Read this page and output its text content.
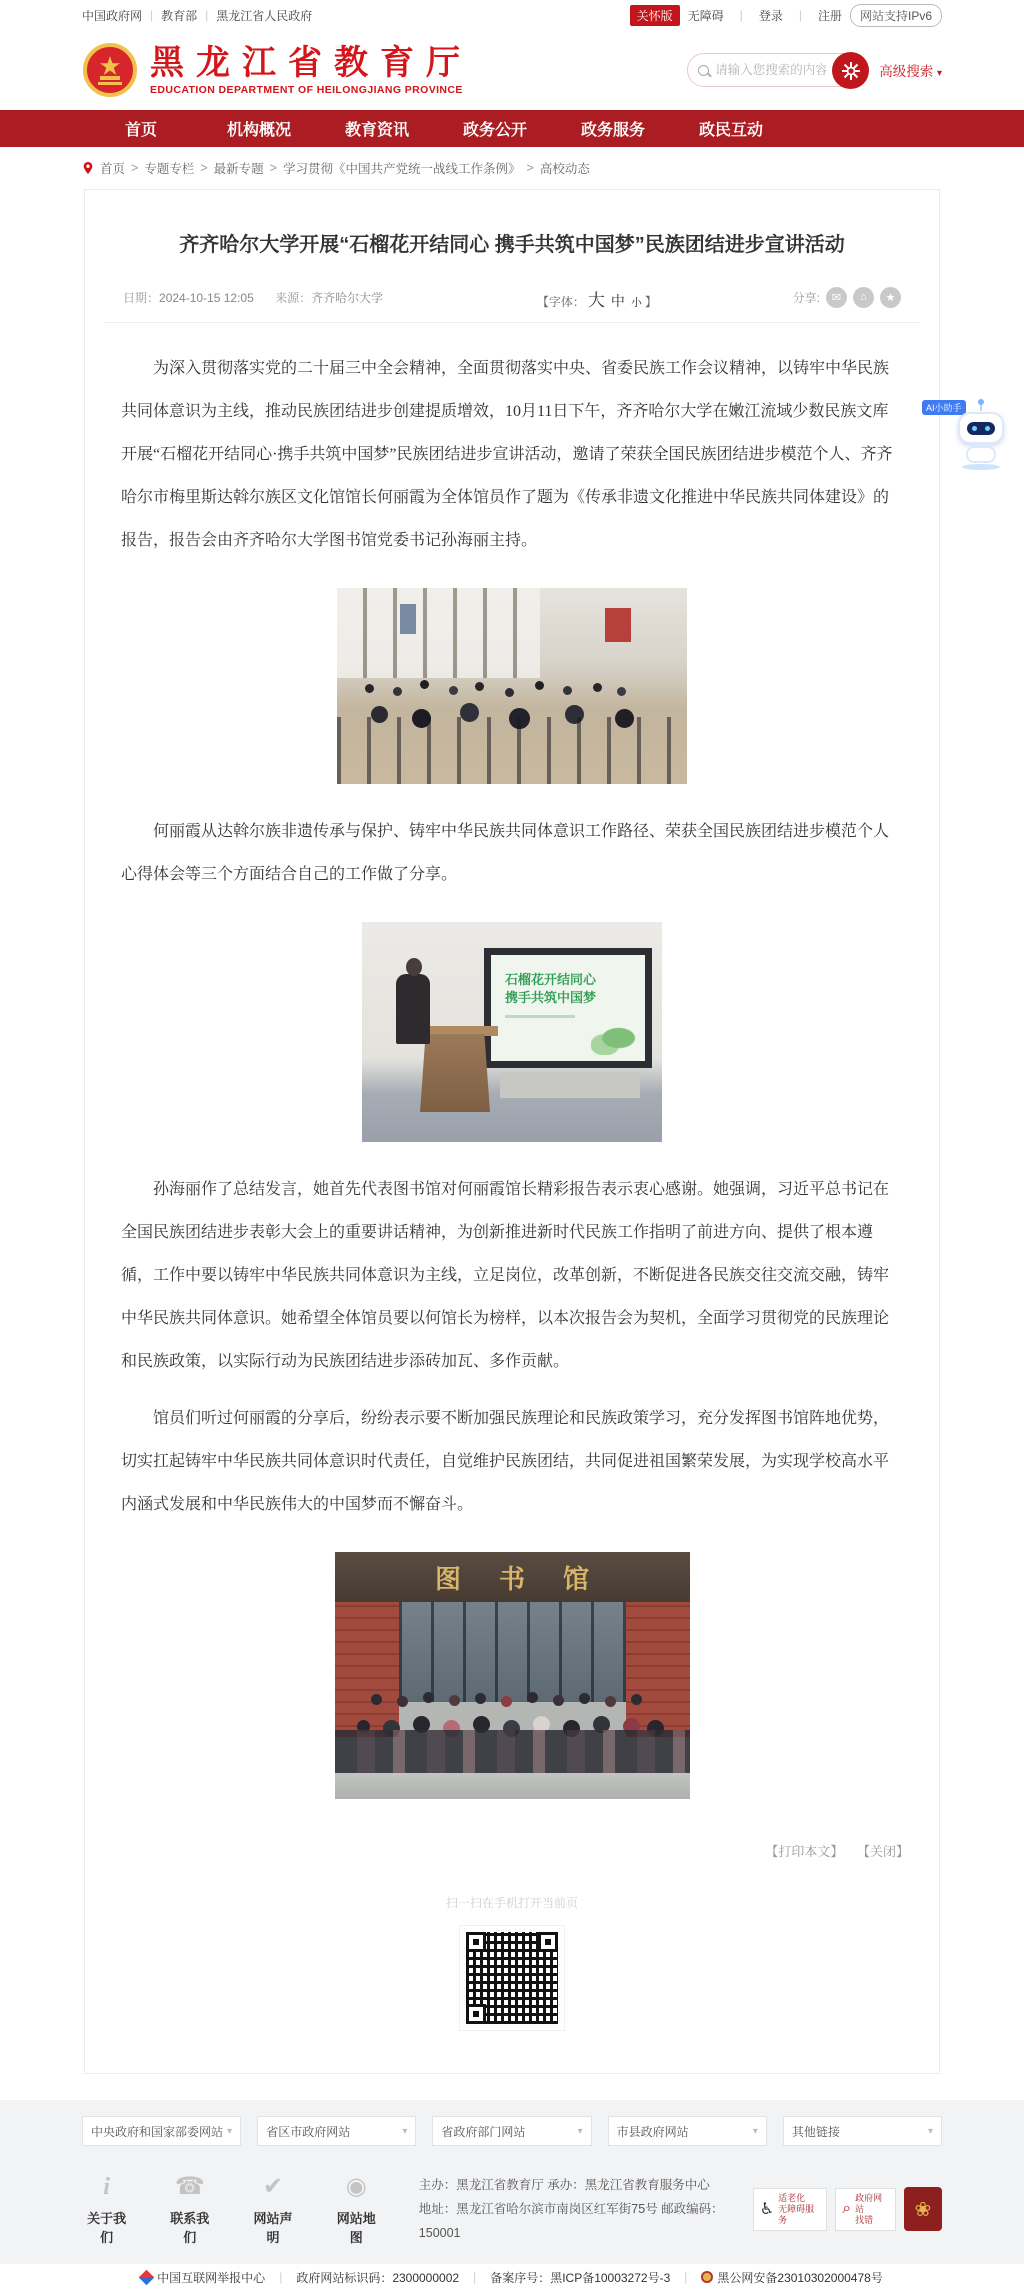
中国政府网 | 教育部 | 黑龙江省人民政府	关怀版	无障碍 | 登录 | 注册	网站支持IPv6
黑龙江省教育厅
EDUCATION DEPARTMENT OF HEILONGJIANG PROVINCE
请输入您搜索的内容
高级搜索 ▾
首页	机构概况	教育资讯	政务公开	政务服务	政民互动
首页 > 专题专栏 > 最新专题 > 学习贯彻《中国共产党统一战线工作条例》 > 高校动态
齐齐哈尔大学开展“石榴花开结同心 携手共筑中国梦”民族团结进步宣讲活动
日期：2024-10-15 12:05 来源：齐齐哈尔大学	【字体： 大 中 小 】	分享:	✉	⌂	★

为深入贯彻落实党的二十届三中全会精神，全面贯彻落实中央、省委民族工作会议精神，以铸牢中华民族共同体意识为主线，推动民族团结进步创建提质增效，10月11日下午，齐齐哈尔大学在嫩江流域少数民族文库开展“石榴花开结同心·携手共筑中国梦”民族团结进步宣讲活动，邀请了荣获全国民族团结进步模范个人、齐齐哈尔市梅里斯达斡尔族区文化馆馆长何丽霞为全体馆员作了题为《传承非遗文化推进中华民族共同体建设》的报告，报告会由齐齐哈尔大学图书馆党委书记孙海丽主持。

何丽霞从达斡尔族非遗传承与保护、铸牢中华民族共同体意识工作路径、荣获全国民族团结进步模范个人心得体会等三个方面结合自己的工作做了分享。

石榴花开结同心
携手共筑中国梦

孙海丽作了总结发言，她首先代表图书馆对何丽霞馆长精彩报告表示衷心感谢。她强调，习近平总书记在全国民族团结进步表彰大会上的重要讲话精神，为创新推进新时代民族工作指明了前进方向、提供了根本遵循，工作中要以铸牢中华民族共同体意识为主线，立足岗位，改革创新，不断促进各民族交往交流交融，铸牢中华民族共同体意识。她希望全体馆员要以何馆长为榜样，以本次报告会为契机，全面学习贯彻党的民族理论和民族政策，以实际行动为民族团结进步添砖加瓦、多作贡献。

馆员们听过何丽霞的分享后，纷纷表示要不断加强民族理论和民族政策学习，充分发挥图书馆阵地优势，切实扛起铸牢中华民族共同体意识时代责任，自觉维护民族团结，共同促进祖国繁荣发展，为实现学校高水平内涵式发展和中华民族伟大的中国梦而不懈奋斗。

图书馆
【打印本文】 【关闭】
扫一扫在手机打开当前页
AI小助手
中央政府和国家部委网站 ▾	省区市政府网站	▾	省政府部门网站	▾	市县政府网站	▾	其他链接	▾
i
关于我们
☎
联系我们
✔
网站声明
◉
网站地图
主办：黑龙江省教育厅 承办：黑龙江省教育服务中心
地址：黑龙江省哈尔滨市南岗区红军街75号 邮政编码：150001
♿
适老化
无障碍服务
⌕
政府网站
找错	❀
中国互联网举报中心 | 政府网站标识码：2300000002 | 备案序号：黑ICP备10003272号-3 |	黑公网安备23010302000478号
